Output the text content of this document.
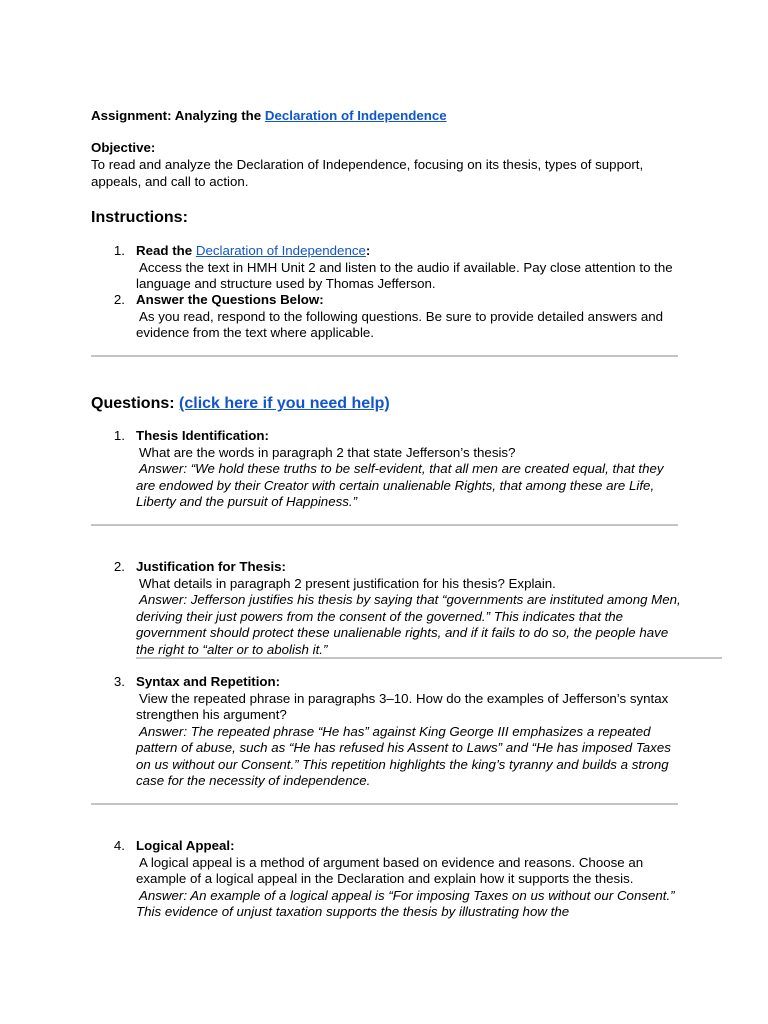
Assignment: Analyzing the Declaration of Independence
Objective:
To read and analyze the Declaration of Independence, focusing on its thesis, types of support, appeals, and call to action.
Instructions:
1. Read the Declaration of Independence:
Access the text in HMH Unit 2 and listen to the audio if available. Pay close attention to the language and structure used by Thomas Jefferson.
2. Answer the Questions Below:
As you read, respond to the following questions. Be sure to provide detailed answers and evidence from the text where applicable.
Questions: (click here if you need help)
1. Thesis Identification:
What are the words in paragraph 2 that state Jefferson’s thesis?
Answer: “We hold these truths to be self-evident, that all men are created equal, that they are endowed by their Creator with certain unalienable Rights, that among these are Life, Liberty and the pursuit of Happiness.”
2. Justification for Thesis:
What details in paragraph 2 present justification for his thesis? Explain.
Answer: Jefferson justifies his thesis by saying that “governments are instituted among Men, deriving their just powers from the consent of the governed.” This indicates that the government should protect these unalienable rights, and if it fails to do so, the people have the right to “alter or to abolish it.”
3. Syntax and Repetition:
View the repeated phrase in paragraphs 3–10. How do the examples of Jefferson’s syntax strengthen his argument?
Answer: The repeated phrase “He has” against King George III emphasizes a repeated pattern of abuse, such as “He has refused his Assent to Laws” and “He has imposed Taxes on us without our Consent.” This repetition highlights the king’s tyranny and builds a strong case for the necessity of independence.
4. Logical Appeal:
A logical appeal is a method of argument based on evidence and reasons. Choose an example of a logical appeal in the Declaration and explain how it supports the thesis.
Answer: An example of a logical appeal is “For imposing Taxes on us without our Consent.” This evidence of unjust taxation supports the thesis by illustrating how the
